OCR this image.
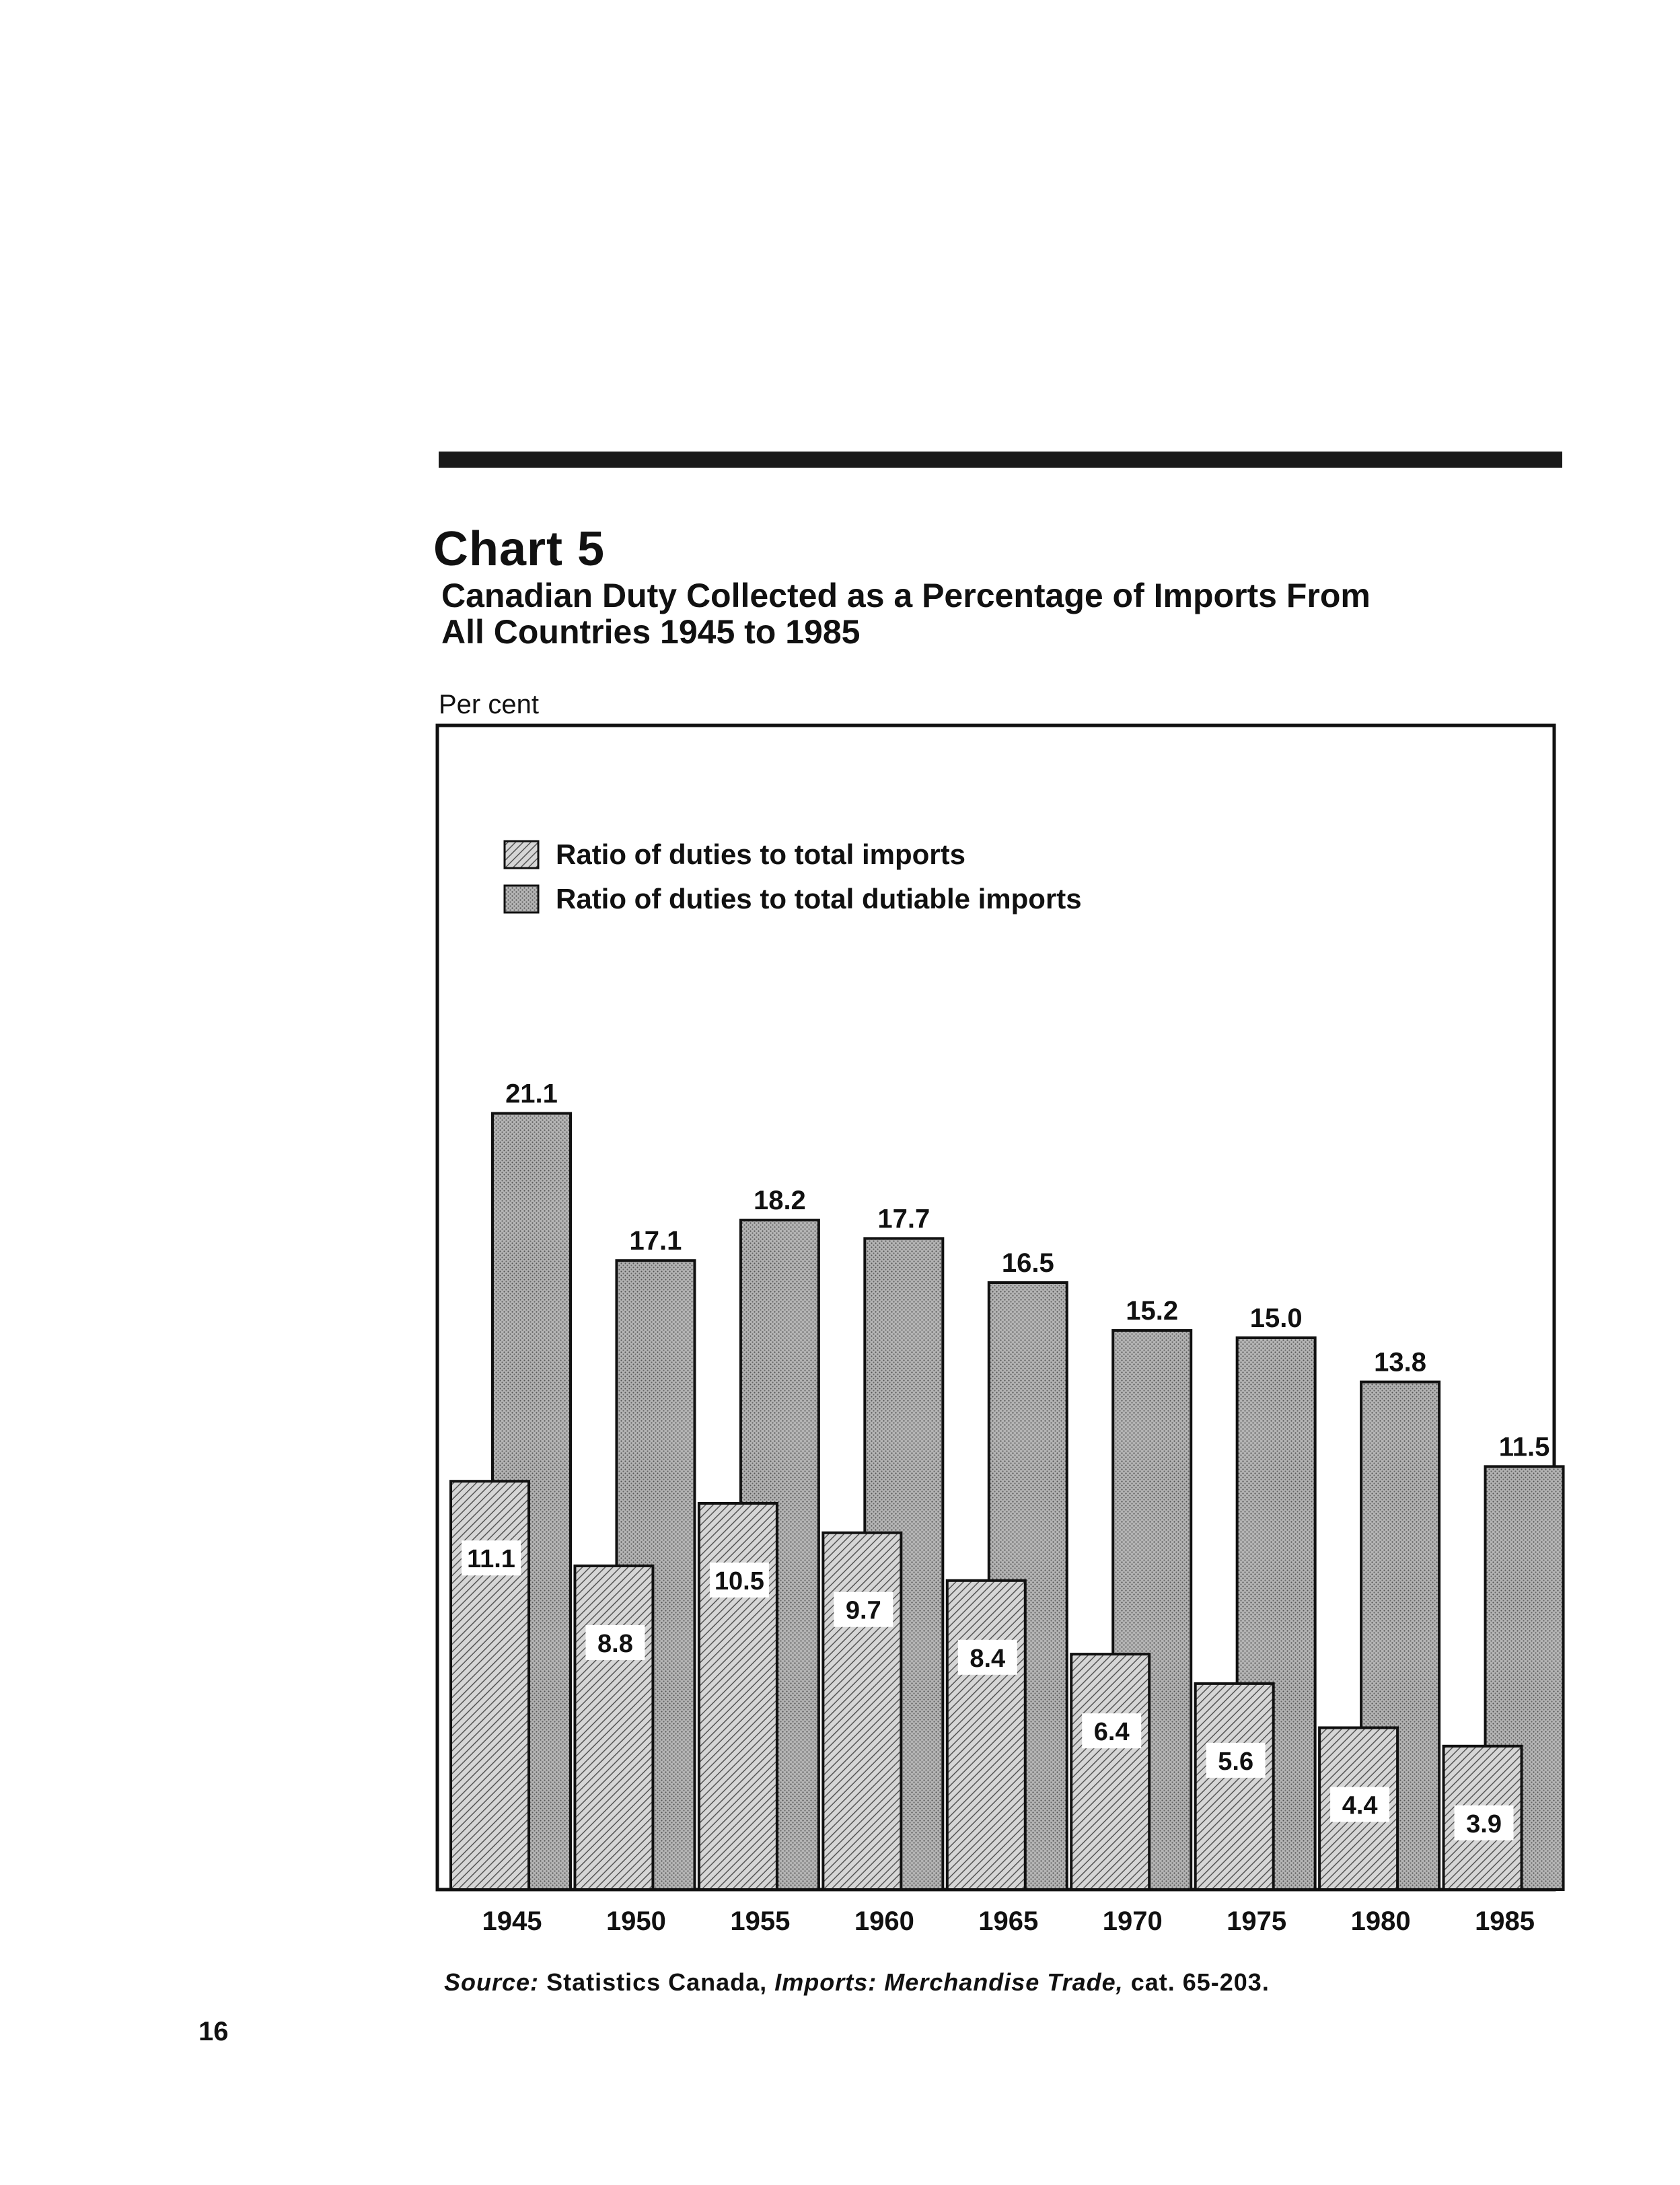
Chart 5
Canadian Duty Collected as a Percentage of Imports From
All Countries 1945 to 1985
Per cent
Ratio of duties to total imports
Ratio of duties to total dutiable imports
21.1
11.1
17.1
8.8
18.2
10.5
17.7
9.7
16.5
8.4
15.2
6.4
15.0
5.6
13.8
4.4
11.5
3.9
1945 1950 1955 1960 1965 1970 1975 1980 1985
Source: Statistics Canada, Imports: Merchandise Trade, cat. 65-203.
16
